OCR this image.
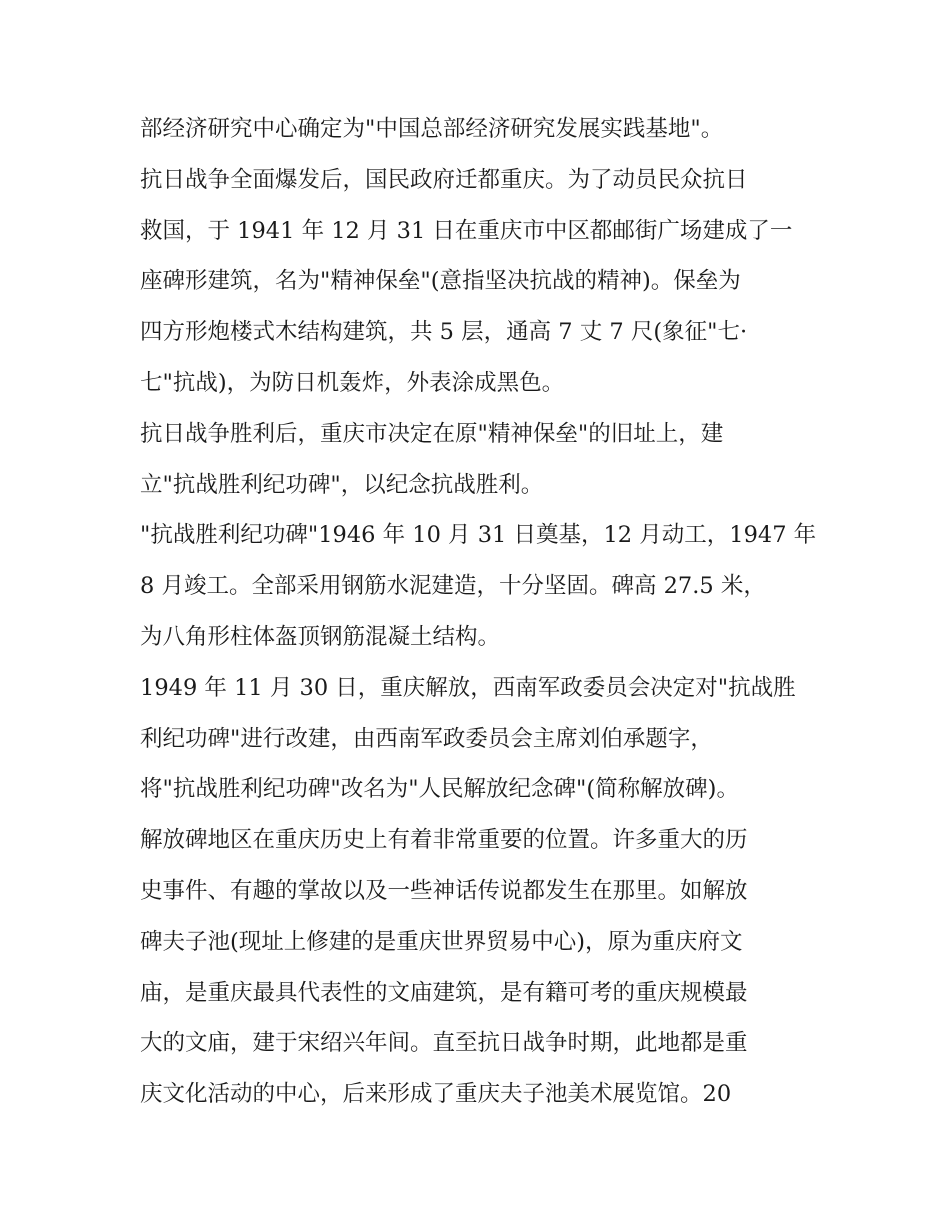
部经济研究中心确定为"中国总部经济研究发展实践基地"。
抗日战争全面爆发后，国民政府迁都重庆。为了动员民众抗日
救国，于 1941 年 12 月 31 日在重庆市中区都邮街广场建成了一
座碑形建筑，名为"精神保垒"(意指坚决抗战的精神)。保垒为
四方形炮楼式木结构建筑，共 5 层，通高 7 丈 7 尺(象征"七·
七"抗战)，为防日机轰炸，外表涂成黑色。
抗日战争胜利后，重庆市决定在原"精神保垒"的旧址上，建
立"抗战胜利纪功碑"，以纪念抗战胜利。
"抗战胜利纪功碑"1946 年 10 月 31 日奠基，12 月动工，1947 年
8 月竣工。全部采用钢筋水泥建造，十分坚固。碑高 27.5 米，
为八角形柱体盔顶钢筋混凝土结构。
1949 年 11 月 30 日，重庆解放，西南军政委员会决定对"抗战胜
利纪功碑"进行改建，由西南军政委员会主席刘伯承题字，
将"抗战胜利纪功碑"改名为"人民解放纪念碑"(简称解放碑)。
解放碑地区在重庆历史上有着非常重要的位置。许多重大的历
史事件、有趣的掌故以及一些神话传说都发生在那里。如解放
碑夫子池(现址上修建的是重庆世界贸易中心)，原为重庆府文
庙，是重庆最具代表性的文庙建筑，是有籍可考的重庆规模最
大的文庙，建于宋绍兴年间。直至抗日战争时期，此地都是重
庆文化活动的中心，后来形成了重庆夫子池美术展览馆。20
